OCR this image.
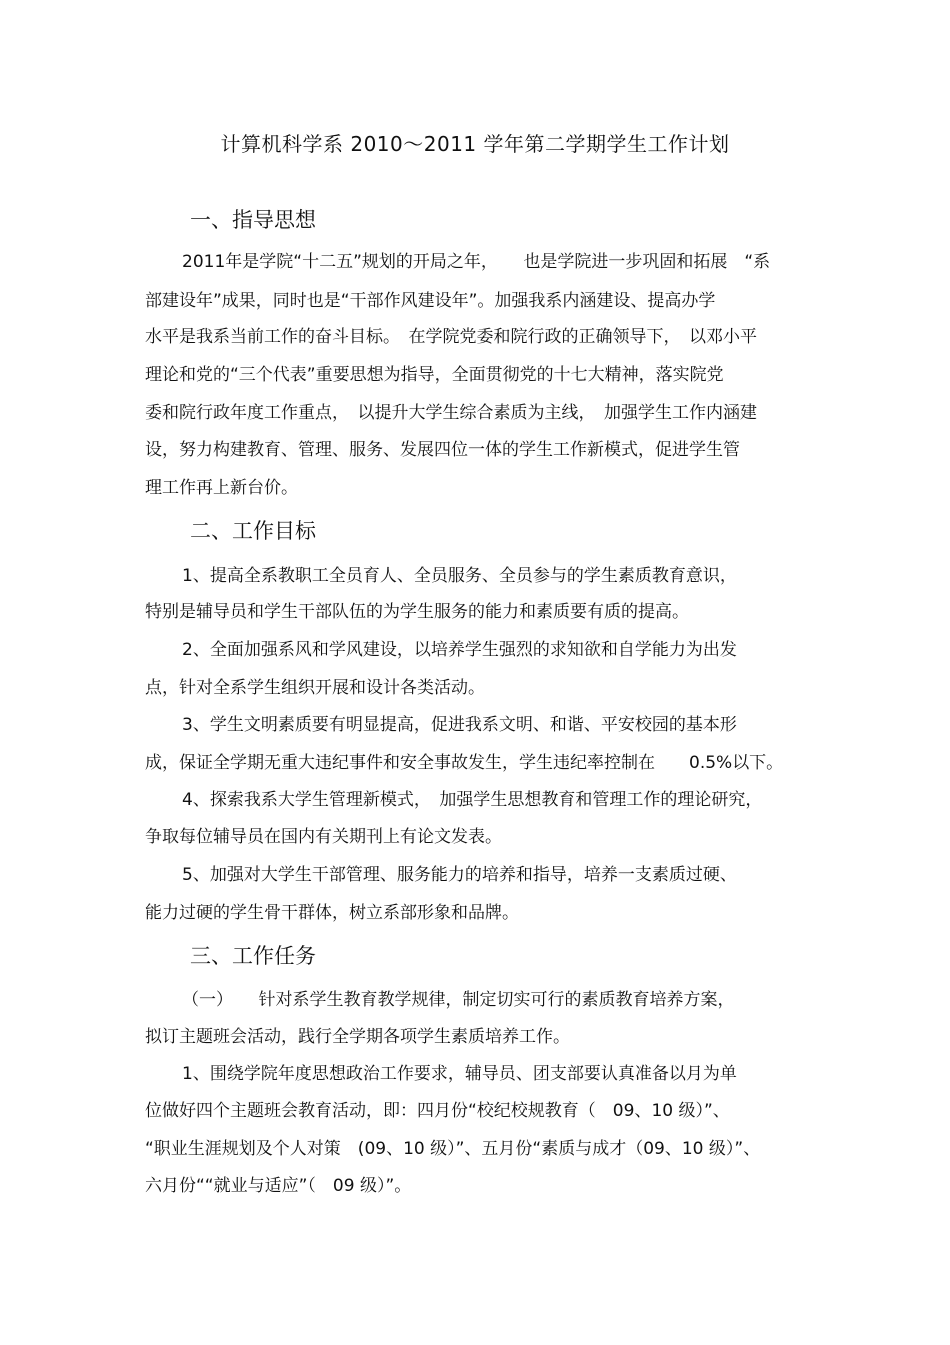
计算机科学系 2010～2011 学年第二学期学生工作计划
一、指导思想
2011年是学院“十二五”规划的开局之年，　　也是学院进一步巩固和拓展　“系
部建设年”成果，同时也是“干部作风建设年”。加强我系内涵建设、提高办学
水平是我系当前工作的奋斗目标。　在学院党委和院行政的正确领导下，　以邓小平
理论和党的“三个代表”重要思想为指导，全面贯彻党的十七大精神，落实院党
委和院行政年度工作重点，　以提升大学生综合素质为主线，　加强学生工作内涵建
设，努力构建教育、管理、服务、发展四位一体的学生工作新模式，促进学生管
理工作再上新台价。
二、工作目标
1、提高全系教职工全员育人、全员服务、全员参与的学生素质教育意识，
特别是辅导员和学生干部队伍的为学生服务的能力和素质要有质的提高。
2、全面加强系风和学风建设，以培养学生强烈的求知欲和自学能力为出发
点，针对全系学生组织开展和设计各类活动。
3、学生文明素质要有明显提高，促进我系文明、和谐、平安校园的基本形
成，保证全学期无重大违纪事件和安全事故发生，学生违纪率控制在　　0.5%以下。
4、探索我系大学生管理新模式，　加强学生思想教育和管理工作的理论研究，
争取每位辅导员在国内有关期刊上有论文发表。
5、加强对大学生干部管理、服务能力的培养和指导，培养一支素质过硬、
能力过硬的学生骨干群体，树立系部形象和品牌。
三、工作任务
（一）　　针对系学生教育教学规律，制定切实可行的素质教育培养方案，
拟订主题班会活动，践行全学期各项学生素质培养工作。
1、围绕学院年度思想政治工作要求，辅导员、团支部要认真准备以月为单
位做好四个主题班会教育活动，即：四月份“校纪校规教育（　09、10 级）”、
“职业生涯规划及个人对策　(09、10 级）”、五月份“素质与成才（09、10 级）”、
六月份““就业与适应”（　09 级）”。
